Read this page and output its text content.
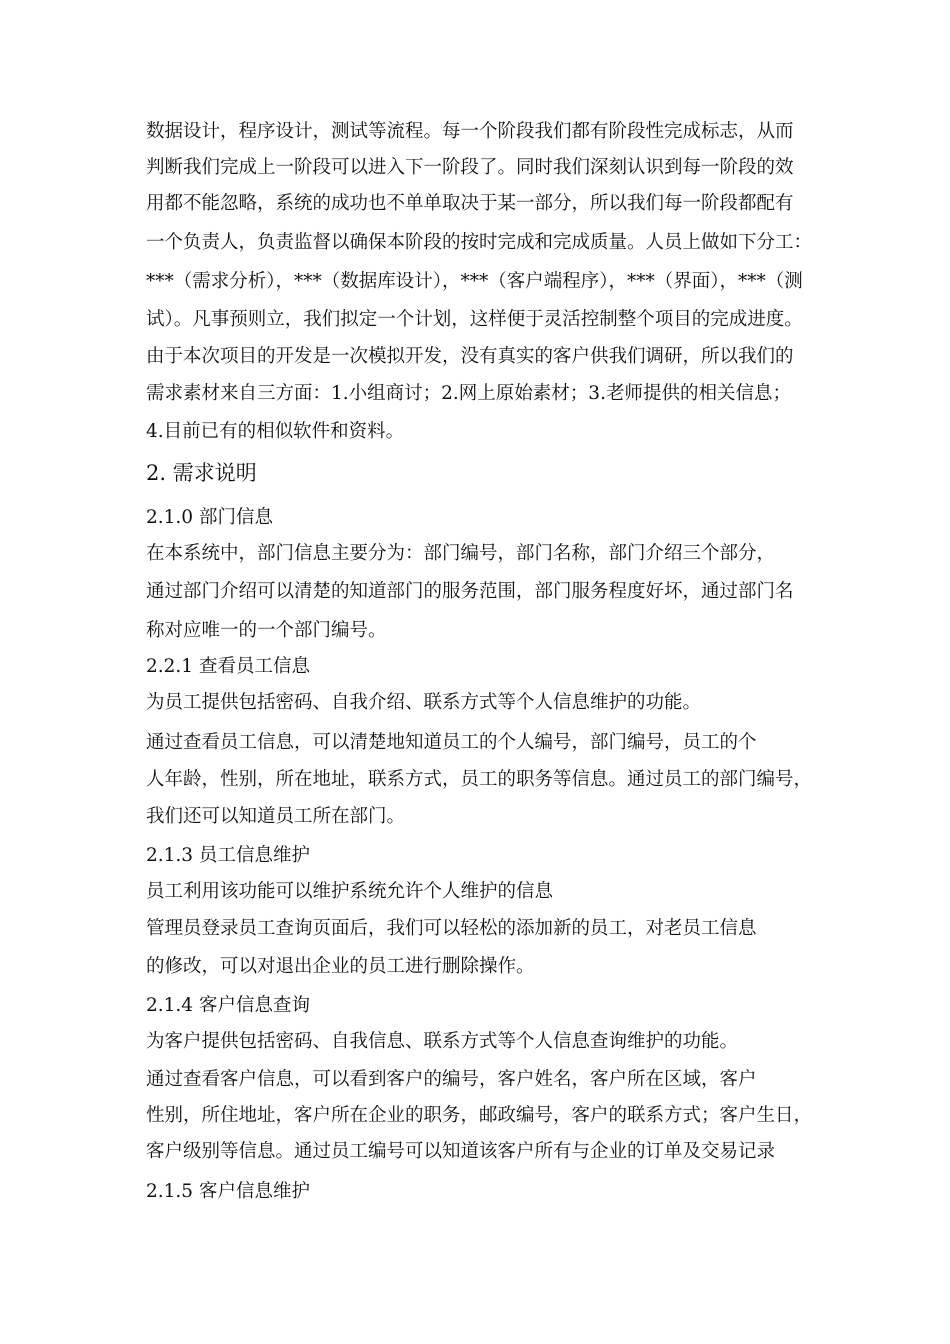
数据设计，程序设计，测试等流程。每一个阶段我们都有阶段性完成标志，从而
判断我们完成上一阶段可以进入下一阶段了。同时我们深刻认识到每一阶段的效
用都不能忽略，系统的成功也不单单取决于某一部分，所以我们每一阶段都配有
一个负责人，负责监督以确保本阶段的按时完成和完成质量。人员上做如下分工：
***（需求分析），***（数据库设计），***（客户端程序），***（界面），***（测
试）。凡事预则立，我们拟定一个计划，这样便于灵活控制整个项目的完成进度。
由于本次项目的开发是一次模拟开发，没有真实的客户供我们调研，所以我们的
需求素材来自三方面：1.小组商讨；2.网上原始素材；3.老师提供的相关信息；
4.目前已有的相似软件和资料。
2. 需求说明
2.1.0 部门信息
在本系统中，部门信息主要分为：部门编号，部门名称，部门介绍三个部分，
通过部门介绍可以清楚的知道部门的服务范围，部门服务程度好坏，通过部门名
称对应唯一的一个部门编号。
2.2.1 查看员工信息
为员工提供包括密码、自我介绍、联系方式等个人信息维护的功能。
通过查看员工信息，可以清楚地知道员工的个人编号，部门编号，员工的个
人年龄，性别，所在地址，联系方式，员工的职务等信息。通过员工的部门编号，
我们还可以知道员工所在部门。
2.1.3 员工信息维护
员工利用该功能可以维护系统允许个人维护的信息
管理员登录员工查询页面后，我们可以轻松的添加新的员工，对老员工信息
的修改，可以对退出企业的员工进行删除操作。
2.1.4 客户信息查询
为客户提供包括密码、自我信息、联系方式等个人信息查询维护的功能。
通过查看客户信息，可以看到客户的编号，客户姓名，客户所在区域，客户
性别，所住地址，客户所在企业的职务，邮政编号，客户的联系方式；客户生日，
客户级别等信息。通过员工编号可以知道该客户所有与企业的订单及交易记录
2.1.5 客户信息维护
